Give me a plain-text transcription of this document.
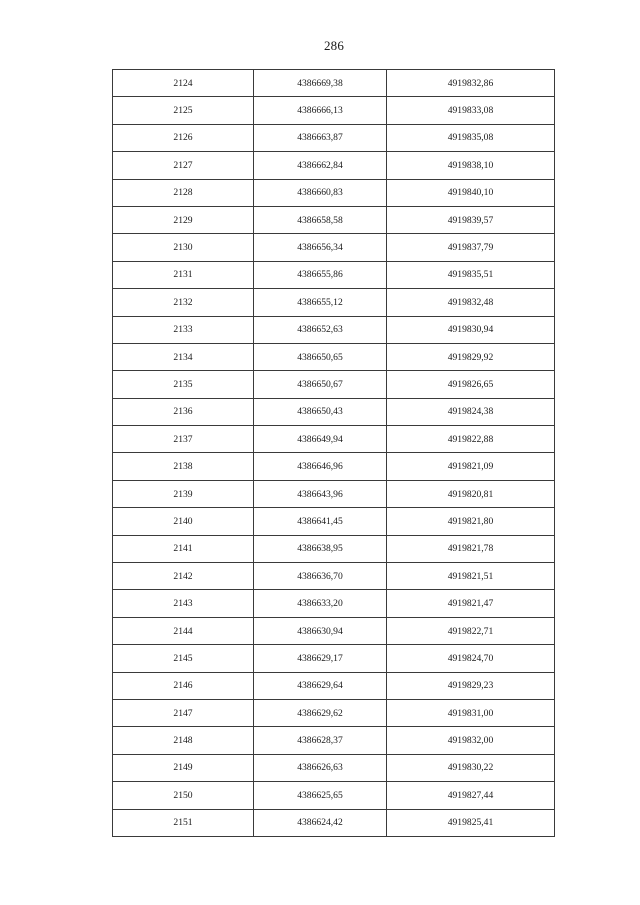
286
2124	4386669,38	4919832,86
2125	4386666,13	4919833,08
2126	4386663,87	4919835,08
2127	4386662,84	4919838,10
2128	4386660,83	4919840,10
2129	4386658,58	4919839,57
2130	4386656,34	4919837,79
2131	4386655,86	4919835,51
2132	4386655,12	4919832,48
2133	4386652,63	4919830,94
2134	4386650,65	4919829,92
2135	4386650,67	4919826,65
2136	4386650,43	4919824,38
2137	4386649,94	4919822,88
2138	4386646,96	4919821,09
2139	4386643,96	4919820,81
2140	4386641,45	4919821,80
2141	4386638,95	4919821,78
2142	4386636,70	4919821,51
2143	4386633,20	4919821,47
2144	4386630,94	4919822,71
2145	4386629,17	4919824,70
2146	4386629,64	4919829,23
2147	4386629,62	4919831,00
2148	4386628,37	4919832,00
2149	4386626,63	4919830,22
2150	4386625,65	4919827,44
2151	4386624,42	4919825,41
